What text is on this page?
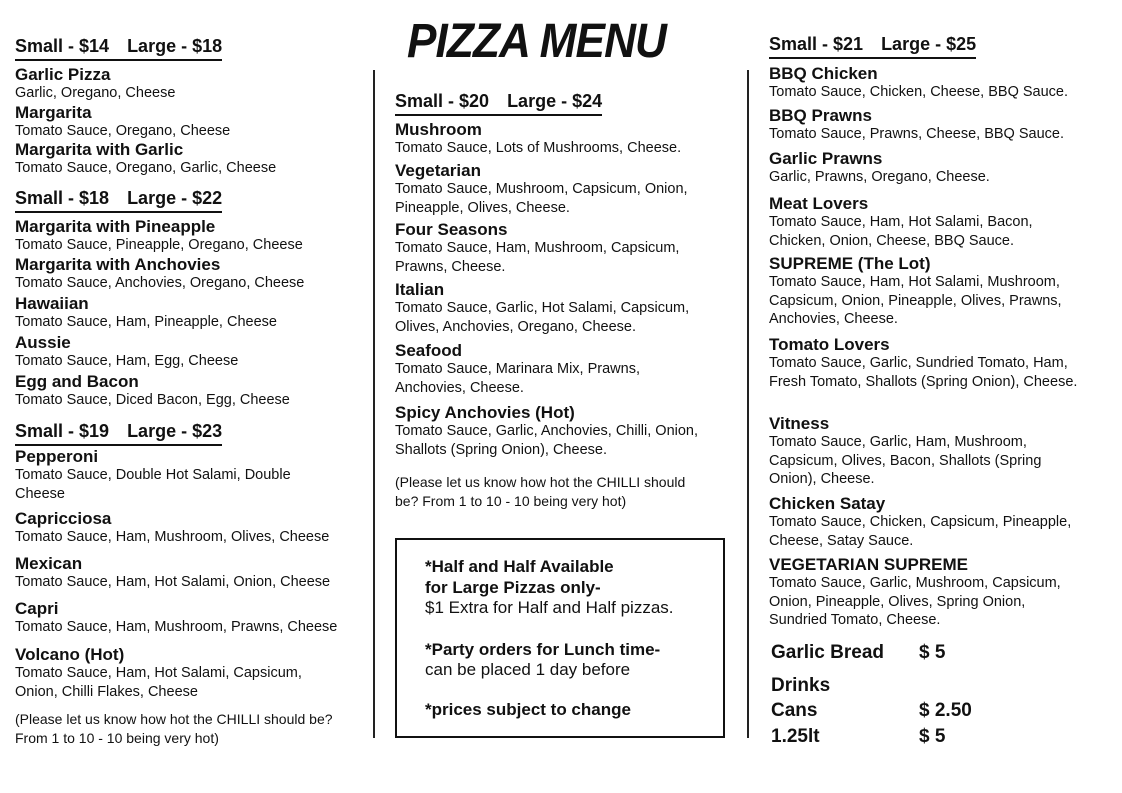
PIZZA MENU
Small - $14 Large - $18
Garlic Pizza
Garlic, Oregano, Cheese
Margarita
Tomato Sauce, Oregano, Cheese
Margarita with Garlic
Tomato Sauce, Oregano, Garlic, Cheese
Small - $18 Large - $22
Margarita with Pineapple
Tomato Sauce, Pineapple, Oregano, Cheese
Margarita with Anchovies
Tomato Sauce, Anchovies, Oregano, Cheese
Hawaiian
Tomato Sauce, Ham, Pineapple, Cheese
Aussie
Tomato Sauce, Ham, Egg, Cheese
Egg and Bacon
Tomato Sauce, Diced Bacon, Egg, Cheese
Small - $19 Large - $23
Pepperoni
Tomato Sauce, Double Hot Salami, Double Cheese
Capricciosa
Tomato Sauce, Ham, Mushroom, Olives, Cheese
Mexican
Tomato Sauce, Ham, Hot Salami, Onion, Cheese
Capri
Tomato Sauce, Ham, Mushroom, Prawns, Cheese
Volcano (Hot)
Tomato Sauce, Ham, Hot Salami, Capsicum, Onion, Chilli Flakes, Cheese
(Please let us know how hot the CHILLI should be? From 1 to 10 - 10 being very hot)
Small - $20 Large - $24
Mushroom
Tomato Sauce, Lots of Mushrooms, Cheese.
Vegetarian
Tomato Sauce, Mushroom, Capsicum, Onion, Pineapple, Olives, Cheese.
Four Seasons
Tomato Sauce, Ham, Mushroom, Capsicum, Prawns, Cheese.
Italian
Tomato Sauce, Garlic, Hot Salami, Capsicum, Olives, Anchovies, Oregano, Cheese.
Seafood
Tomato Sauce, Marinara Mix, Prawns, Anchovies, Cheese.
Spicy Anchovies (Hot)
Tomato Sauce, Garlic, Anchovies, Chilli, Onion, Shallots (Spring Onion), Cheese.
(Please let us know how hot the CHILLI should be? From 1 to 10 - 10 being very hot)

*Half and Half Available

for Large Pizzas only-

$1 Extra for Half and Half pizzas.

*Party orders for Lunch time-

can be placed 1 day before

*prices subject to change

Small - $21 Large - $25
BBQ Chicken
Tomato Sauce, Chicken, Cheese, BBQ Sauce.
BBQ Prawns
Tomato Sauce, Prawns, Cheese, BBQ Sauce.
Garlic Prawns
Garlic, Prawns, Oregano, Cheese.
Meat Lovers
Tomato Sauce, Ham, Hot Salami, Bacon, Chicken, Onion, Cheese, BBQ Sauce.
SUPREME (The Lot)
Tomato Sauce, Ham, Hot Salami, Mushroom, Capsicum, Onion, Pineapple, Olives, Prawns, Anchovies, Cheese.
Tomato Lovers
Tomato Sauce, Garlic, Sundried Tomato, Ham, Fresh Tomato, Shallots (Spring Onion), Cheese.
Vitness
Tomato Sauce, Garlic, Ham, Mushroom, Capsicum, Olives, Bacon, Shallots (Spring Onion), Cheese.
Chicken Satay
Tomato Sauce, Chicken, Capsicum, Pineapple, Cheese, Satay Sauce.
VEGETARIAN SUPREME
Tomato Sauce, Garlic, Mushroom, Capsicum, Onion, Pineapple, Olives, Spring Onion, Sundried Tomato, Cheese.
Garlic Bread $ 5
Drinks
Cans	$ 2.50
1.25lt	$ 5
